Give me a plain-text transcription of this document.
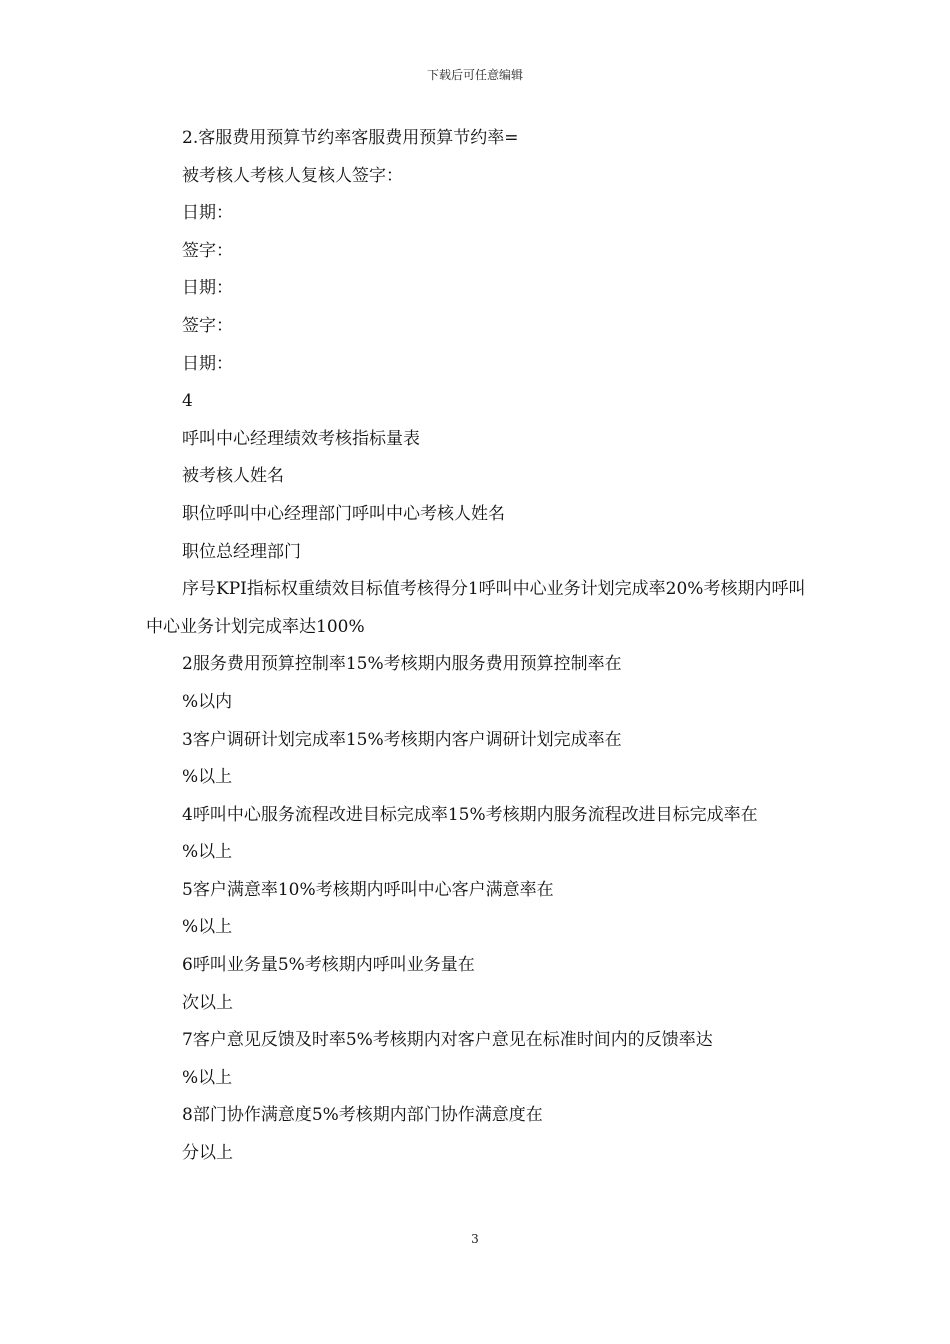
下载后可任意编辑

2.客服费用预算节约率客服费用预算节约率=

被考核人考核人复核人签字：

日期：

签字：

日期：

签字：

日期：

4

呼叫中心经理绩效考核指标量表

被考核人姓名

职位呼叫中心经理部门呼叫中心考核人姓名

职位总经理部门

序号KPI指标权重绩效目标值考核得分1呼叫中心业务计划完成率20%考核期内呼叫中心业务计划完成率达100%

2服务费用预算控制率15%考核期内服务费用预算控制率在

%以内

3客户调研计划完成率15%考核期内客户调研计划完成率在

%以上

4呼叫中心服务流程改进目标完成率15%考核期内服务流程改进目标完成率在

%以上

5客户满意率10%考核期内呼叫中心客户满意率在

%以上

6呼叫业务量5%考核期内呼叫业务量在

次以上

7客户意见反馈及时率5%考核期内对客户意见在标准时间内的反馈率达

%以上

8部门协作满意度5%考核期内部门协作满意度在

分以上

3
